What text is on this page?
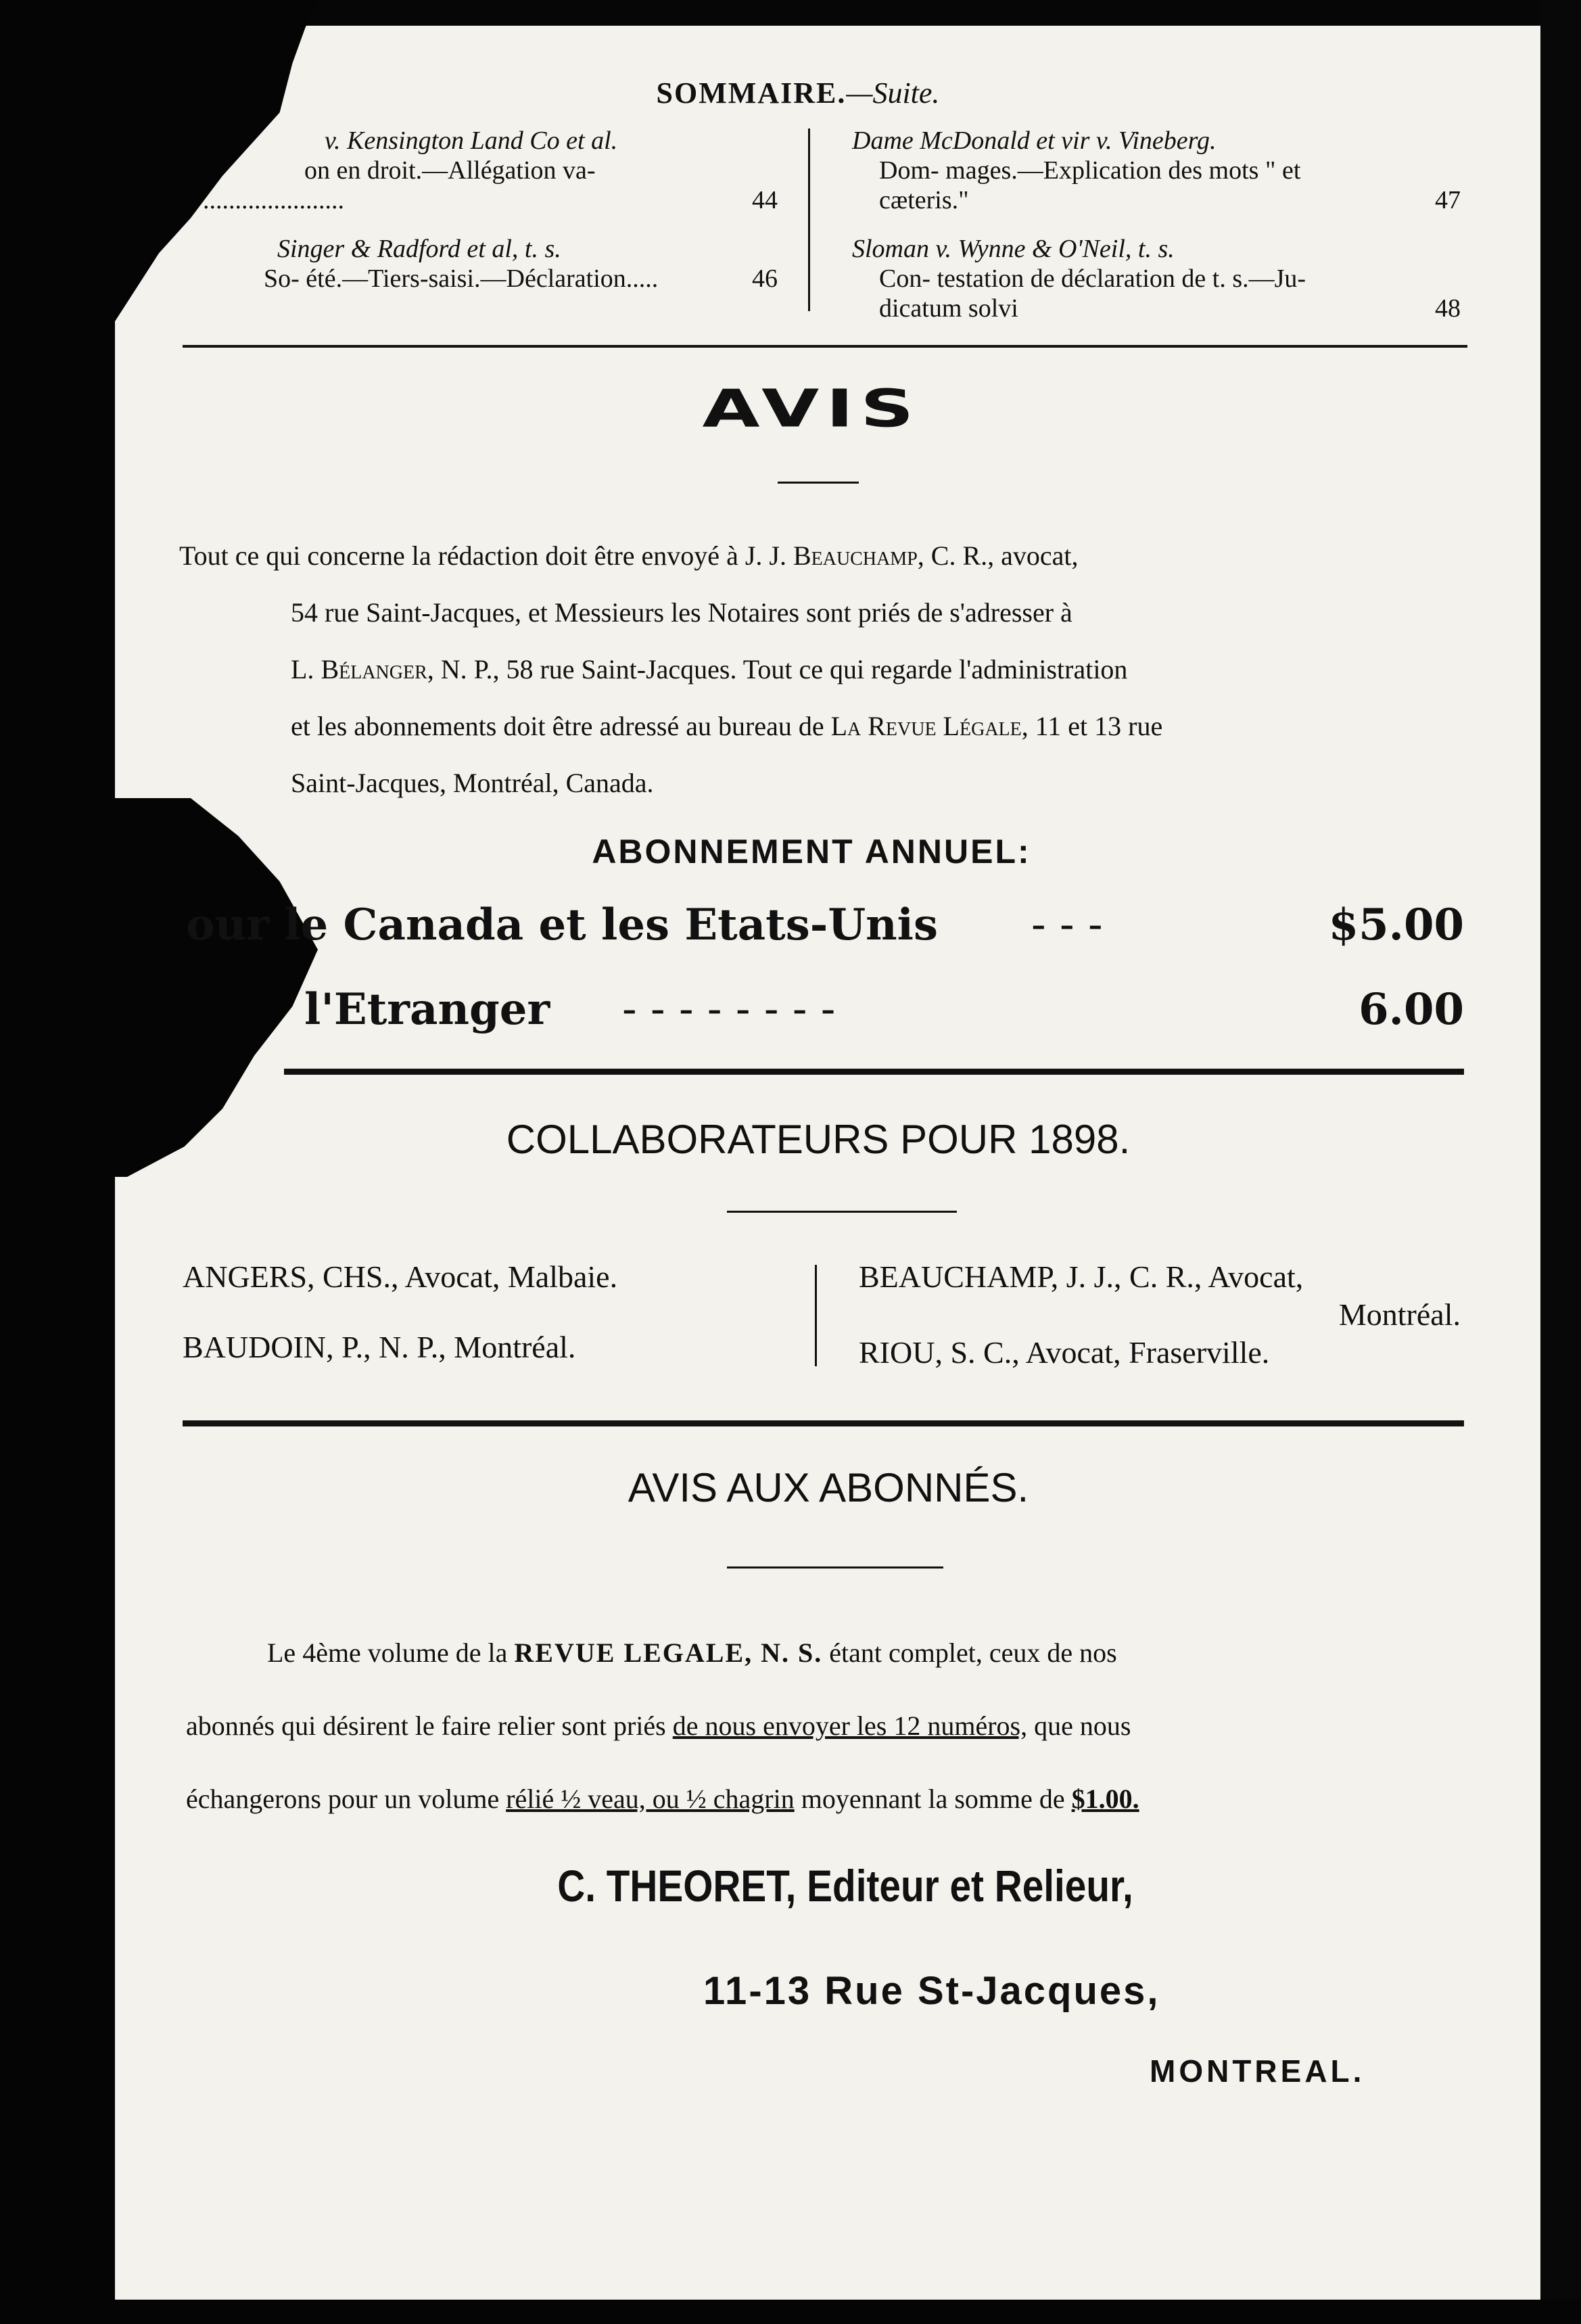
SOMMAIRE.—Suite.
v. Kensington Land Co et al.
on en droit.—Allégation va-
......................	44
Singer & Radford et al, t. s.
So- été.—Tiers-saisi.—Déclaration.....	46
Dame McDonald et vir v. Vineberg.
Dom- mages.—Explication des mots " et cæteris."	47
Sloman v. Wynne & O'Neil, t. s.
Con- testation de déclaration de t. s.—Ju- dicatum solvi	48
AVIS
Tout ce qui concerne la rédaction doit être envoyé à J. J. Beauchamp, C. R., avocat,
54 rue Saint-Jacques, et Messieurs les Notaires sont priés de s'adresser à
L. Bélanger, N. P., 58 rue Saint-Jacques. Tout ce qui regarde l'administration
et les abonnements doit être adressé au bureau de La Revue Légale, 11 et 13 rue
Saint-Jacques, Montréal, Canada.
ABONNEMENT ANNUEL:
our le Canada et les Etats-Unis - - -	$5.00
l'Etranger - - - - - - - -	6.00
COLLABORATEURS POUR 1898.
ANGERS, CHS., Avocat, Malbaie.
BAUDOIN, P., N. P., Montréal.
BEAUCHAMP, J. J., C. R., Avocat,
Montréal.
RIOU, S. C., Avocat, Fraserville.
AVIS AUX ABONNÉS.
Le 4ème volume de la REVUE LEGALE, N. S. étant complet, ceux de nos
abonnés qui désirent le faire relier sont priés de nous envoyer les 12 numéros, que nous
échangerons pour un volume rélié ½ veau, ou ½ chagrin moyennant la somme de $1.00.
C. THEORET, Editeur et Relieur,
11-13 Rue St-Jacques,
MONTREAL.
